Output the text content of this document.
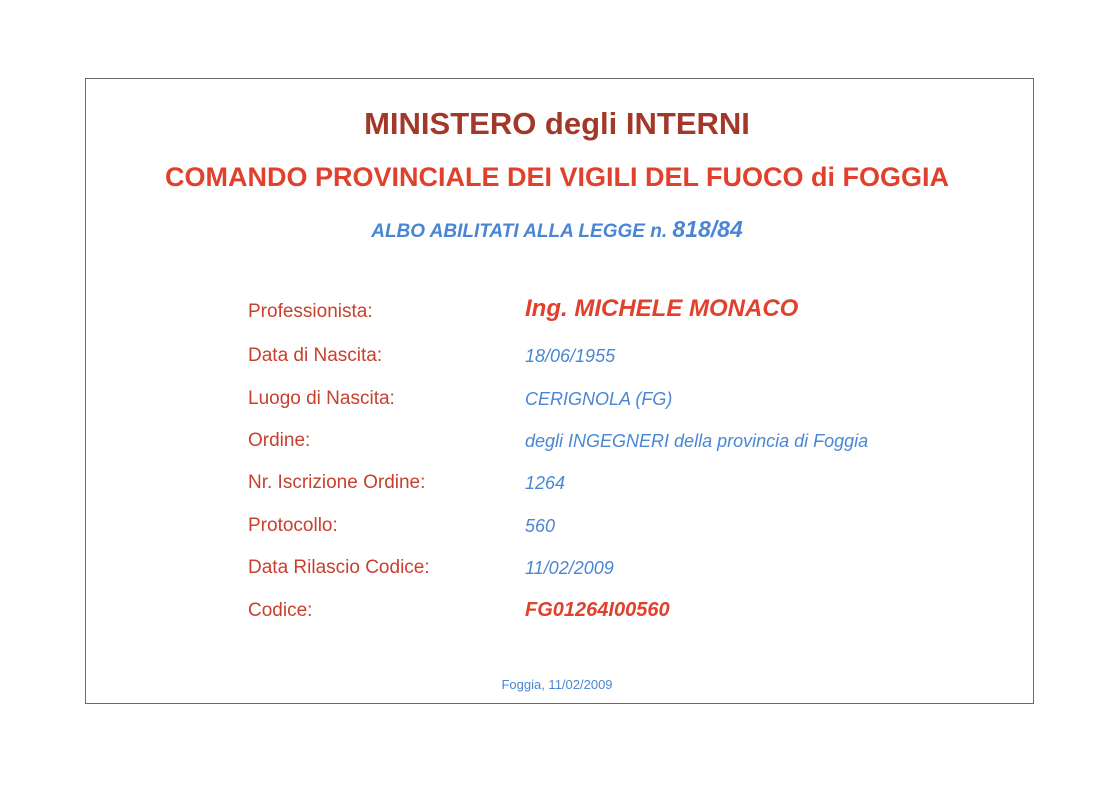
MINISTERO degli INTERNI
COMANDO PROVINCIALE DEI VIGILI DEL FUOCO di FOGGIA
ALBO ABILITATI ALLA LEGGE n. 818/84
Professionista:	Ing. MICHELE MONACO
Data di Nascita:	18/06/1955
Luogo di Nascita:	CERIGNOLA (FG)
Ordine:	degli INGEGNERI della provincia di Foggia
Nr. Iscrizione Ordine:	1264
Protocollo:	560
Data Rilascio Codice:	11/02/2009
Codice:	FG01264I00560
Foggia, 11/02/2009
